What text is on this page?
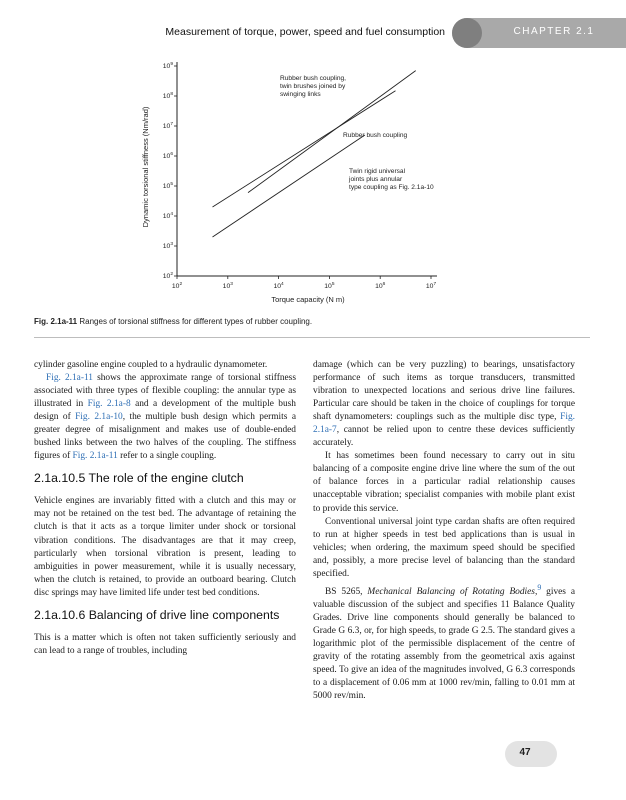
Measurement of torque, power, speed and fuel consumption	CHAPTER 2.1
Dynamic torsional stiffness (Nm/rad)
Torque capacity (N m)
$10^2$
$10^3$
$10^4$
$10^5$
$10^6$
$10^7$
$10^8$
$10^9$
$10^2$	$10^3$	$10^4$	$10^5$	$10^6$	$10^7$
Rubber bush coupling,
twin brushes joined by
swinging links
Rubber bush coupling
Twin rigid universal
joints plus annular
type coupling as Fig. 2.1a-10
Fig. 2.1a-11 Ranges of torsional stiffness for different types of rubber coupling.

cylinder gasoline engine coupled to a hydraulic dynamometer.

Fig. 2.1a-11 shows the approximate range of torsional stiffness associated with three types of flexible coupling: the annular type as illustrated in Fig. 2.1a-8 and a development of the multiple bush design of Fig. 2.1a-10, the multiple bush design which permits a greater degree of misalignment and makes use of double-ended bushed links between the two halves of the coupling. The stiffness figures of Fig. 2.1a-11 refer to a single coupling.

2.1a.10.5 The role of the engine clutch

Vehicle engines are invariably fitted with a clutch and this may or may not be retained on the test bed. The advantage of retaining the clutch is that it acts as a torque limiter under shock or torsional vibration conditions. The disadvantages are that it may creep, particularly when torsional vibration is present, leading to ambiguities in power measurement, while it is usually necessary, when the clutch is retained, to provide an outboard bearing. Clutch disc springs may have limited life under test bed conditions.

2.1a.10.6 Balancing of drive line components

This is a matter which is often not taken sufficiently seriously and can lead to a range of troubles, including

damage (which can be very puzzling) to bearings, unsatisfactory performance of such items as torque transducers, transmitted vibration to unexpected locations and serious drive line failures. Particular care should be taken in the choice of couplings for torque shaft dynamometers: couplings such as the multiple disc type, Fig. 2.1a-7, cannot be relied upon to centre these devices sufficiently accurately.

It has sometimes been found necessary to carry out in situ balancing of a composite engine drive line where the sum of the out of balance forces in a particular radial relationship causes unacceptable vibration; specialist companies with mobile plant exist to provide this service.

Conventional universal joint type cardan shafts are often required to run at higher speeds in test bed applications than is usual in vehicles; when ordering, the maximum speed should be specified and, possibly, a more precise level of balancing than the standard specified.

BS 5265, Mechanical Balancing of Rotating Bodies,$^9$ gives a valuable discussion of the subject and specifies 11 Balance Quality Grades. Drive line components should generally be balanced to Grade G 6.3, or, for high speeds, to grade G 2.5. The standard gives a logarithmic plot of the permissible displacement of the centre of gravity of the rotating assembly from the geometrical axis against speed. To give an idea of the magnitudes involved, G 6.3 corresponds to a displacement of 0.06 mm at 1000 rev/min, falling to 0.01 mm at 5000 rev/min.

47
